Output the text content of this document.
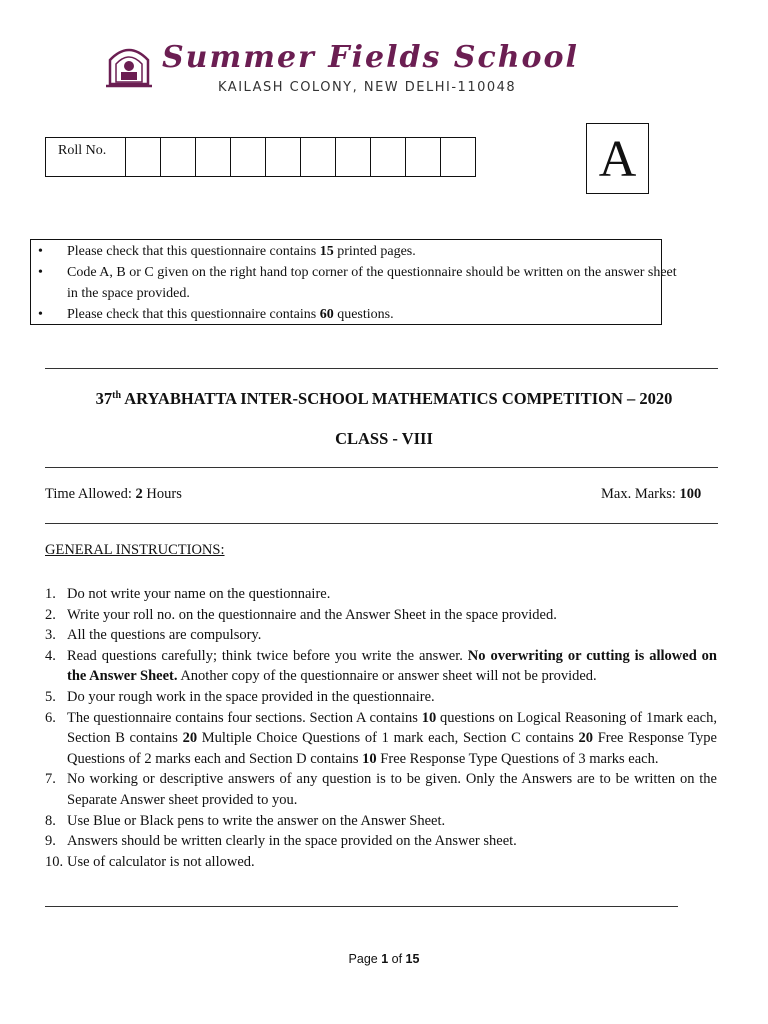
Summer Fields School
KAILASH COLONY, NEW DELHI-110048
Roll No.											A
• Please check that this questionnaire contains 15 printed pages.
• Code A, B or C given on the right hand top corner of the questionnaire should be written on the answer sheet in the space provided.
• Please check that this questionnaire contains 60 questions.
37th ARYABHATTA INTER-SCHOOL MATHEMATICS COMPETITION – 2020
CLASS - VIII
Time Allowed: 2 Hours	Max. Marks: 100
GENERAL INSTRUCTIONS:
1. Do not write your name on the questionnaire.
2. Write your roll no. on the questionnaire and the Answer Sheet in the space provided.
3. All the questions are compulsory.
4. Read questions carefully; think twice before you write the answer. No overwriting or cutting is allowed on the Answer Sheet. Another copy of the questionnaire or answer sheet will not be provided.
5. Do your rough work in the space provided in the questionnaire.
6. The questionnaire contains four sections. Section A contains 10 questions on Logical Reasoning of 1mark each, Section B contains 20 Multiple Choice Questions of 1 mark each, Section C contains 20 Free Response Type Questions of 2 marks each and Section D contains 10 Free Response Type Questions of 3 marks each.
7. No working or descriptive answers of any question is to be given. Only the Answers are to be written on the Separate Answer sheet provided to you.
8. Use Blue or Black pens to write the answer on the Answer Sheet.
9. Answers should be written clearly in the space provided on the Answer sheet.
10. Use of calculator is not allowed.
Page 1 of 15
